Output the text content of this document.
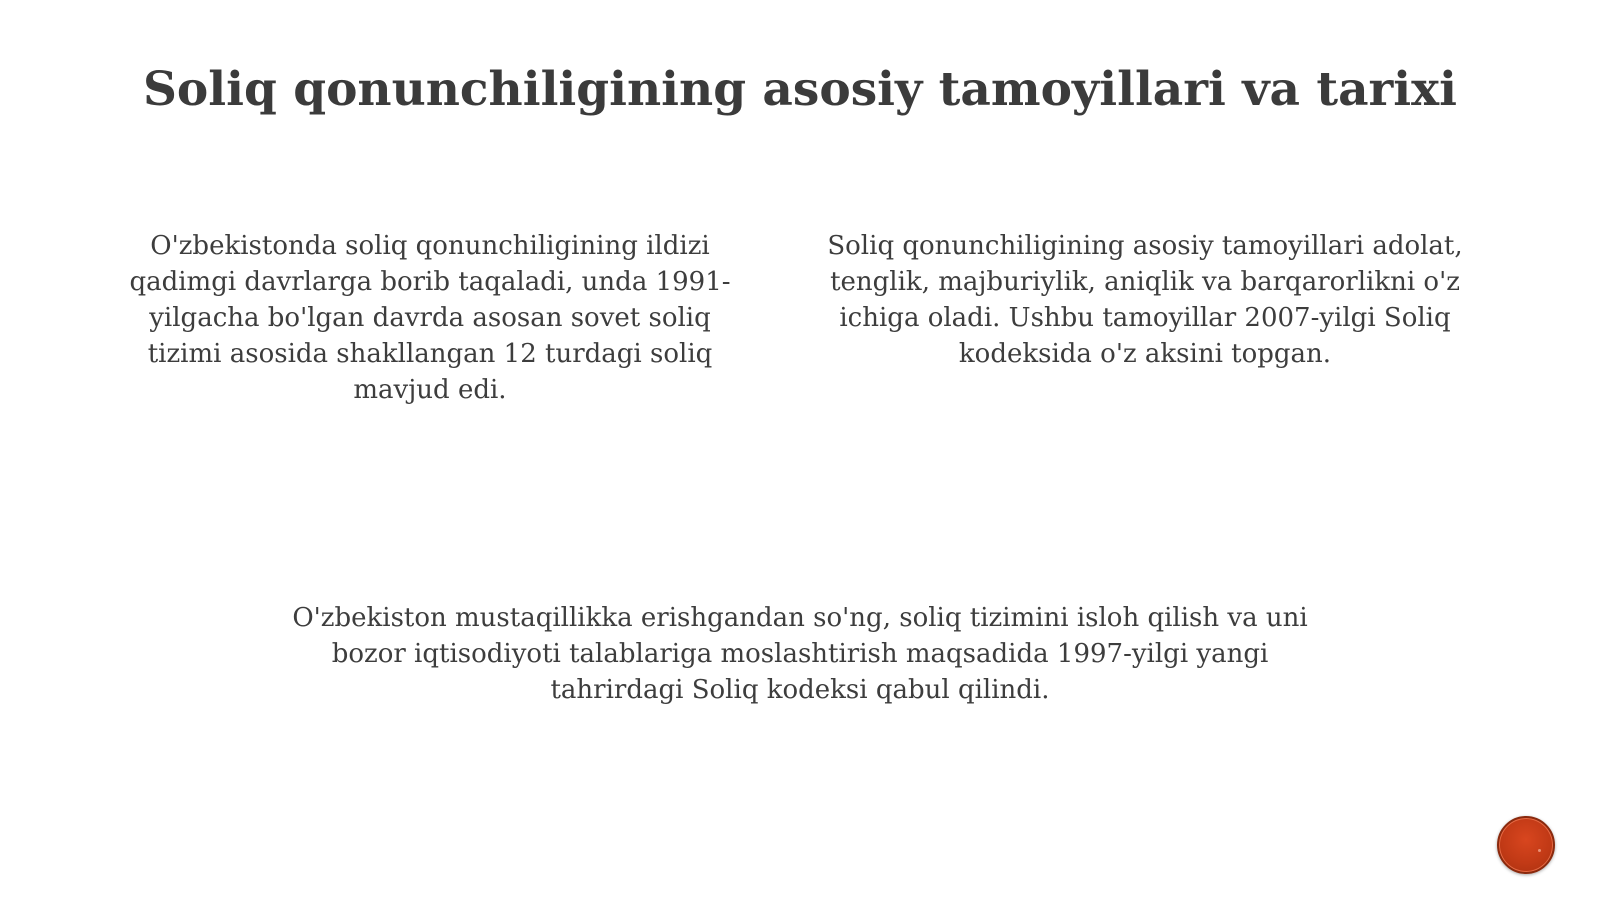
Soliq qonunchiligining asosiy tamoyillari va tarixi

O'zbekistonda soliq qonunchiligining ildizi qadimgi davrlarga borib taqaladi, unda 1991-yilgacha bo'lgan davrda asosan sovet soliq tizimi asosida shakllangan 12 turdagi soliq mavjud edi.

Soliq qonunchiligining asosiy tamoyillari adolat, tenglik, majburiylik, aniqlik va barqarorlikni o'z ichiga oladi. Ushbu tamoyillar 2007-yilgi Soliq kodeksida o'z aksini topgan.

O'zbekiston mustaqillikka erishgandan so'ng, soliq tizimini isloh qilish va uni bozor iqtisodiyoti talablariga moslashtirish maqsadida 1997-yilgi yangi tahrirdagi Soliq kodeksi qabul qilindi.
